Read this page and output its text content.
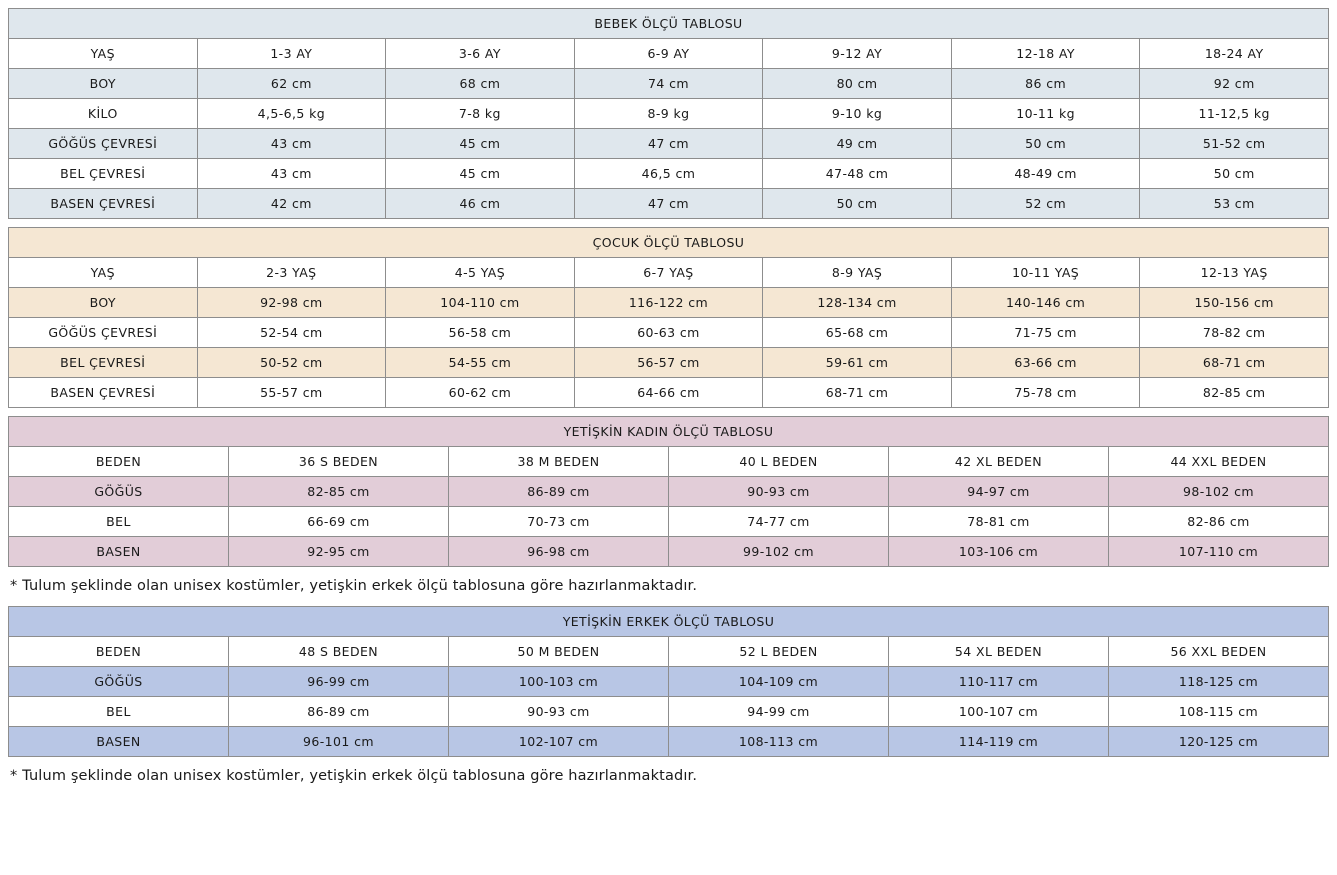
BEBEK ÖLÇÜ TABLOSU						
YAŞ	1-3 AY	3-6 AY	6-9 AY	9-12 AY	12-18 AY	18-24 AY
BOY	62 cm	68 cm	74 cm	80 cm	86 cm	92 cm
KİLO	4,5-6,5 kg	7-8 kg	8-9 kg	9-10 kg	10-11 kg	11-12,5 kg
GÖĞÜS ÇEVRESİ	43 cm	45 cm	47 cm	49 cm	50 cm	51-52 cm
BEL ÇEVRESİ	43 cm	45 cm	46,5 cm	47-48 cm	48-49 cm	50 cm
BASEN ÇEVRESİ	42 cm	46 cm	47 cm	50 cm	52 cm	53 cm
ÇOCUK ÖLÇÜ TABLOSU						
YAŞ	2-3 YAŞ	4-5 YAŞ	6-7 YAŞ	8-9 YAŞ	10-11 YAŞ	12-13 YAŞ
BOY	92-98 cm	104-110 cm	116-122 cm	128-134 cm	140-146 cm	150-156 cm
GÖĞÜS ÇEVRESİ	52-54 cm	56-58 cm	60-63 cm	65-68 cm	71-75 cm	78-82 cm
BEL ÇEVRESİ	50-52 cm	54-55 cm	56-57 cm	59-61 cm	63-66 cm	68-71 cm
BASEN ÇEVRESİ	55-57 cm	60-62 cm	64-66 cm	68-71 cm	75-78 cm	82-85 cm
YETİŞKİN KADIN ÖLÇÜ TABLOSU					
BEDEN	36 S BEDEN	38 M BEDEN	40 L BEDEN	42 XL BEDEN	44 XXL BEDEN
GÖĞÜS	82-85 cm	86-89 cm	90-93 cm	94-97 cm	98-102 cm
BEL	66-69 cm	70-73 cm	74-77 cm	78-81 cm	82-86 cm
BASEN	92-95 cm	96-98 cm	99-102 cm	103-106 cm	107-110 cm

* Tulum şeklinde olan unisex kostümler, yetişkin erkek ölçü tablosuna göre hazırlanmaktadır.

YETİŞKİN ERKEK ÖLÇÜ TABLOSU					
BEDEN	48 S BEDEN	50 M BEDEN	52 L BEDEN	54 XL BEDEN	56 XXL BEDEN
GÖĞÜS	96-99 cm	100-103 cm	104-109 cm	110-117 cm	118-125 cm
BEL	86-89 cm	90-93 cm	94-99 cm	100-107 cm	108-115 cm
BASEN	96-101 cm	102-107 cm	108-113 cm	114-119 cm	120-125 cm

* Tulum şeklinde olan unisex kostümler, yetişkin erkek ölçü tablosuna göre hazırlanmaktadır.
